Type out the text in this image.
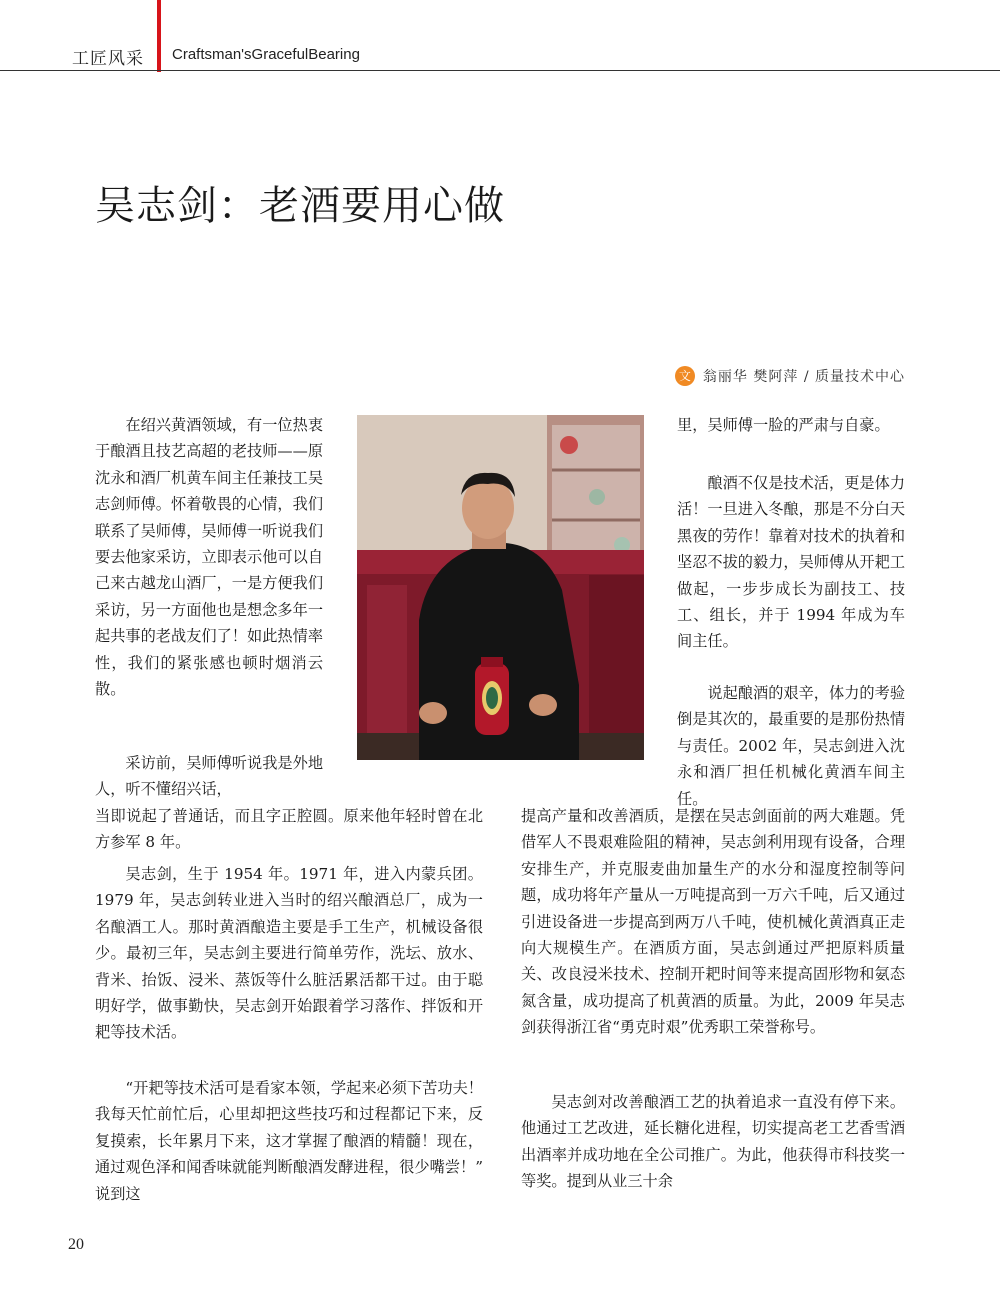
工匠风采 Craftsman'sGracefulBearing
吴志剑：老酒要用心做
文 翁丽华 樊阿萍 / 质量技术中心

在绍兴黄酒领域，有一位热衷于酿酒且技艺高超的老技师——原沈永和酒厂机黄车间主任兼技工吴志剑师傅。怀着敬畏的心情，我们联系了吴师傅，吴师傅一听说我们要去他家采访，立即表示他可以自己来古越龙山酒厂，一是方便我们采访，另一方面他也是想念多年一起共事的老战友们了！如此热情率性，我们的紧张感也顿时烟消云散。

采访前，吴师傅听说我是外地人，听不懂绍兴话，

当即说起了普通话，而且字正腔圆。原来他年轻时曾在北方参军 8 年。

吴志剑，生于 1954 年。1971 年，进入内蒙兵团。1979 年，吴志剑转业进入当时的绍兴酿酒总厂，成为一名酿酒工人。那时黄酒酿造主要是手工生产，机械设备很少。最初三年，吴志剑主要进行简单劳作，洗坛、放水、背米、抬饭、浸米、蒸饭等什么脏活累活都干过。由于聪明好学，做事勤快，吴志剑开始跟着学习落作、拌饭和开耙等技术活。

“开耙等技术活可是看家本领，学起来必须下苦功夫！我每天忙前忙后，心里却把这些技巧和过程都记下来，反复摸索，长年累月下来，这才掌握了酿酒的精髓！现在，通过观色泽和闻香味就能判断酿酒发酵进程，很少嘴尝！” 说到这

里，吴师傅一脸的严肃与自豪。

酿酒不仅是技术活，更是体力活！一旦进入冬酿，那是不分白天黑夜的劳作！靠着对技术的执着和坚忍不拔的毅力，吴师傅从开耙工做起，一步步成长为副技工、技工、组长，并于 1994 年成为车间主任。

说起酿酒的艰辛，体力的考验倒是其次的，最重要的是那份热情与责任。2002 年，吴志剑进入沈永和酒厂担任机械化黄酒车间主任。

提高产量和改善酒质，是摆在吴志剑面前的两大难题。凭借军人不畏艰难险阻的精神，吴志剑利用现有设备，合理安排生产，并克服麦曲加量生产的水分和湿度控制等问题，成功将年产量从一万吨提高到一万六千吨，后又通过引进设备进一步提高到两万八千吨，使机械化黄酒真正走向大规模生产。在酒质方面，吴志剑通过严把原料质量关、改良浸米技术、控制开耙时间等来提高固形物和氨态氮含量，成功提高了机黄酒的质量。为此，2009 年吴志剑获得浙江省“勇克时艰”优秀职工荣誉称号。

吴志剑对改善酿酒工艺的执着追求一直没有停下来。他通过工艺改进，延长糖化进程，切实提高老工艺香雪酒出酒率并成功地在全公司推广。为此，他获得市科技奖一等奖。提到从业三十余

20
